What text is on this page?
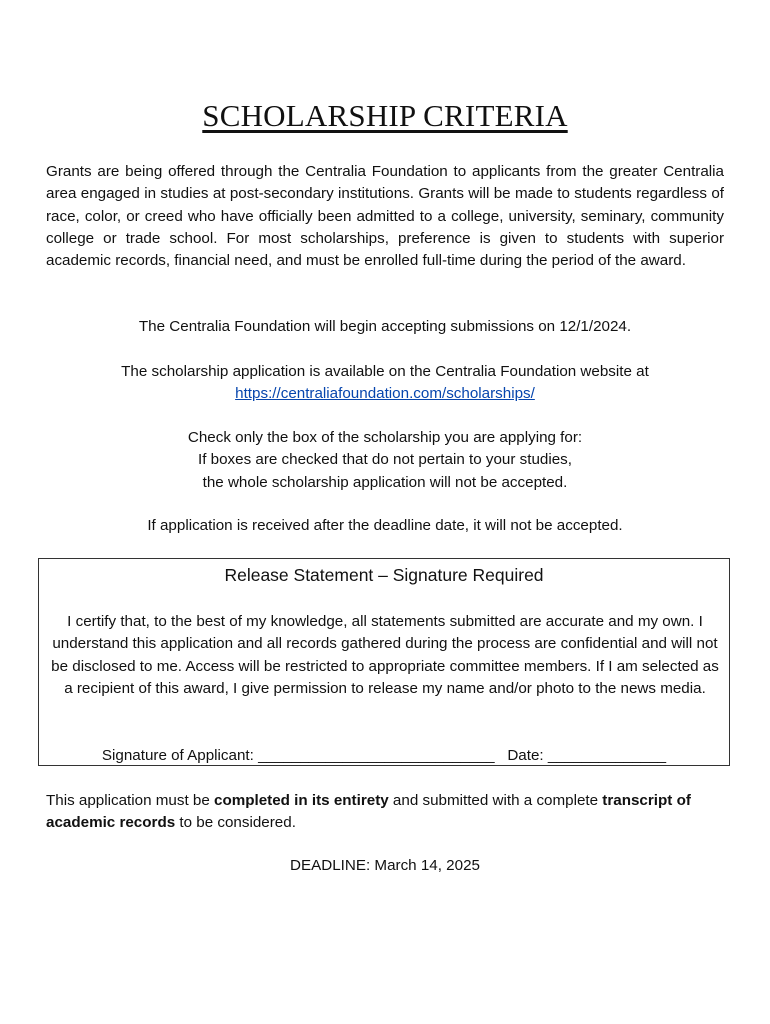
SCHOLARSHIP CRITERIA
Grants are being offered through the Centralia Foundation to applicants from the greater Centralia area engaged in studies at post-secondary institutions. Grants will be made to students regardless of race, color, or creed who have officially been admitted to a college, university, seminary, community college or trade school. For most scholarships, preference is given to students with superior academic records, financial need, and must be enrolled full-time during the period of the award.
The Centralia Foundation will begin accepting submissions on 12/1/2024.
The scholarship application is available on the Centralia Foundation website at
https://centraliafoundation.com/scholarships/
Check only the box of the scholarship you are applying for:
If boxes are checked that do not pertain to your studies,
the whole scholarship application will not be accepted.
If application is received after the deadline date, it will not be accepted.
Release Statement – Signature Required
I certify that, to the best of my knowledge, all statements submitted are accurate and my own. I understand this application and all records gathered during the process are confidential and will not be disclosed to me. Access will be restricted to appropriate committee members. If I am selected as a recipient of this award, I give permission to release my name and/or photo to the news media.
Signature of Applicant: ____________________________ Date: ______________
This application must be completed in its entirety and submitted with a complete transcript of academic records to be considered.
DEADLINE: March 14, 2025
